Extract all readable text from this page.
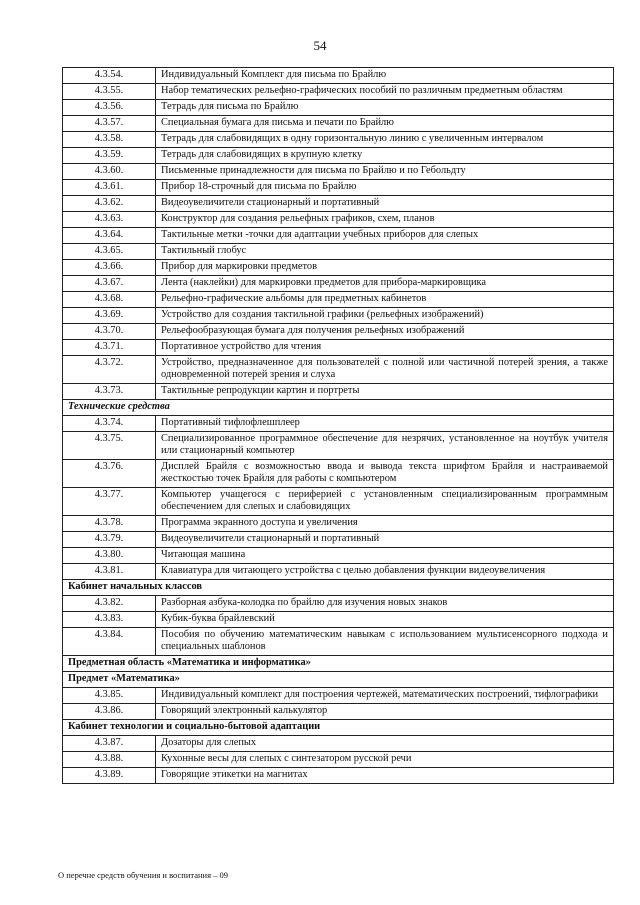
54
4.3.54.	Индивидуальный Комплект для письма по Брайлю
4.3.55.	Набор тематических рельефно-графических пособий по различным предметным областям
4.3.56.	Тетрадь для письма по Брайлю
4.3.57.	Специальная бумага для письма и печати по Брайлю
4.3.58.	Тетрадь для слабовидящих в одну горизонтальную линию с увеличенным интервалом
4.3.59.	Тетрадь для слабовидящих в крупную клетку
4.3.60.	Письменные принадлежности для письма по Брайлю и по Гебольдту
4.3.61.	Прибор 18-строчный для письма по Брайлю
4.3.62.	Видеоувеличители стационарный и портативный
4.3.63.	Конструктор для создания рельефных графиков, схем, планов
4.3.64.	Тактильные метки -точки для адаптации учебных приборов для слепых
4.3.65.	Тактильный глобус
4.3.66.	Прибор для маркировки предметов
4.3.67.	Лента (наклейки) для маркировки предметов для прибора-маркировщика
4.3.68.	Рельефно-графические альбомы для предметных кабинетов
4.3.69.	Устройство для создания тактильной графики (рельефных изображений)
4.3.70.	Рельефообразующая бумага для получения рельефных изображений
4.3.71.	Портативное устройство для чтения
4.3.72.	Устройство, предназначенное для пользователей с полной или частичной потерей зрения, а также одновременной потерей зрения и слуха
4.3.73.	Тактильные репродукции картин и портреты
Технические средства	
4.3.74.	Портативный тифлофлешплеер
4.3.75.	Специализированное программное обеспечение для незрячих, установленное на ноутбук учителя или стационарный компьютер
4.3.76.	Дисплей Брайля с возможностью ввода и вывода текста шрифтом Брайля и настраиваемой жесткостью точек Брайля для работы с компьютером
4.3.77.	Компьютер учащегося с периферией с установленным специализированным программным обеспечением для слепых и слабовидящих
4.3.78.	Программа экранного доступа и увеличения
4.3.79.	Видеоувеличители стационарный и портативный
4.3.80.	Читающая машина
4.3.81.	Клавиатура для читающего устройства с целью добавления функции видеоувеличения
Кабинет начальных классов	
4.3.82.	Разборная азбука-колодка по брайлю для изучения новых знаков
4.3.83.	Кубик-буква брайлевский
4.3.84.	Пособия по обучению математическим навыкам с использованием мультисенсорного подхода и специальных шаблонов
Предметная область «Математика и информатика»	
Предмет «Математика»	
4.3.85.	Индивидуальный комплект для построения чертежей, математических построений, тифлографики
4.3.86.	Говорящий электронный калькулятор
Кабинет технологии и социально-бытовой адаптации	
4.3.87.	Дозаторы для слепых
4.3.88.	Кухонные весы для слепых с синтезатором русской речи
4.3.89.	Говорящие этикетки на магнитах
О перечне средств обучения и воспитания – 09
